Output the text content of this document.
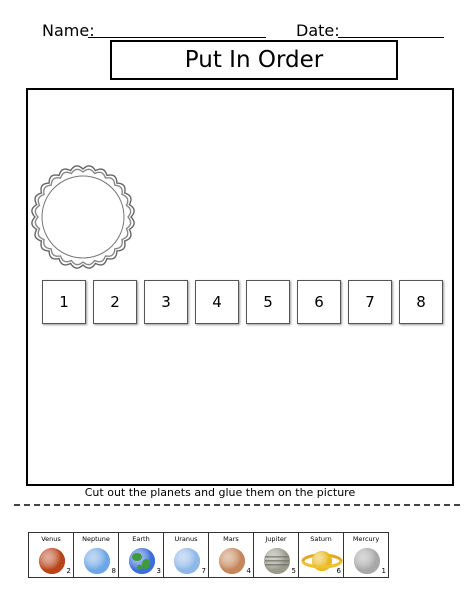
Name:	Date:
Put In Order
1	2	3	4	5	6	7	8
Cut out the planets and glue them on the picture
Venus
2
Neptune
8
Earth
3
Uranus
7
Mars
4
Jupiter
5
Saturn
6
Mercury
1
